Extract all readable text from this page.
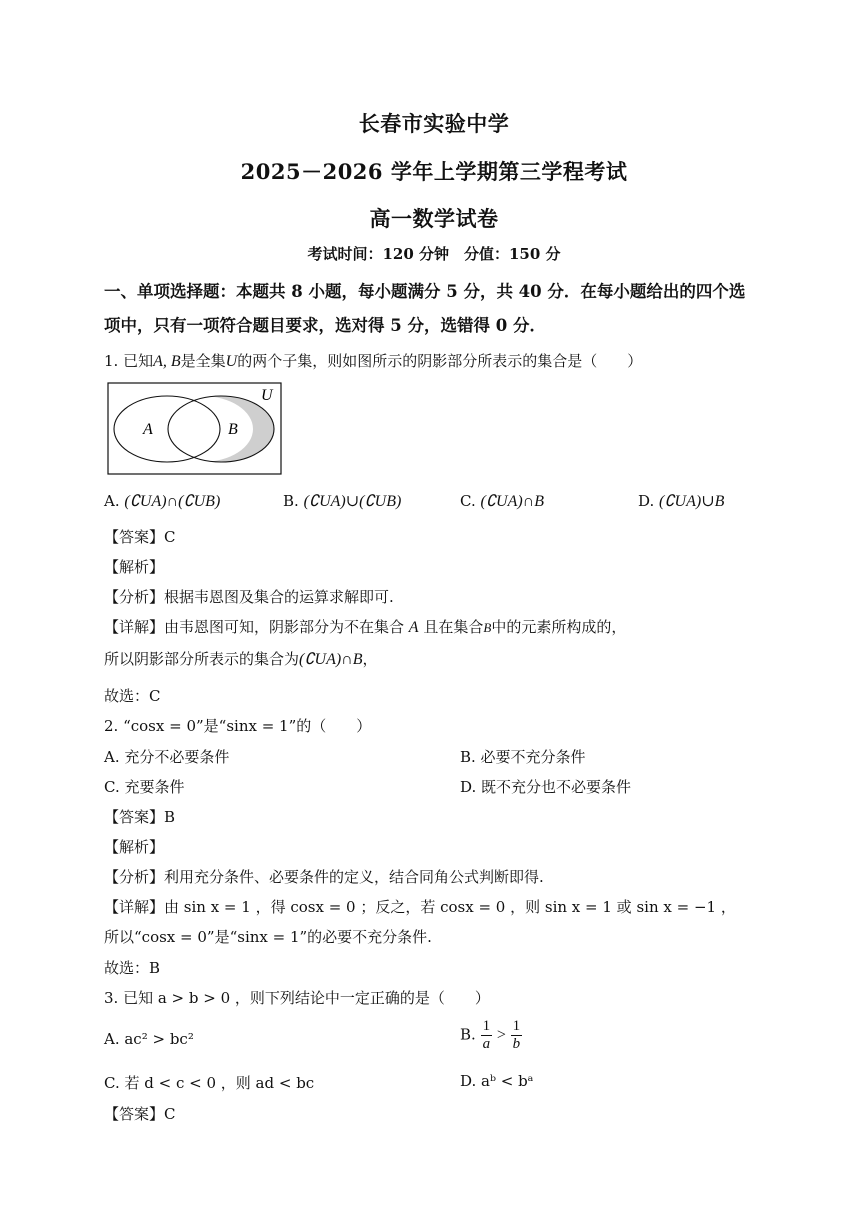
长春市实验中学
2025－2026 学年上学期第三学程考试
高一数学试卷
考试时间：120 分钟　分值：150 分
一、单项选择题：本题共 8 小题，每小题满分 5 分，共 40 分．在每小题给出的四个选
项中，只有一项符合题目要求，选对得 5 分，选错得 0 分．
1. 已知A, B是全集U的两个子集，则如图所示的阴影部分所表示的集合是（　　）
A	B
U
A. (∁UA)∩(∁UB)	B. (∁UA)∪(∁UB)	C. (∁UA)∩B	D. (∁UA)∪B
【答案】C
【解析】
【分析】根据韦恩图及集合的运算求解即可.
【详解】由韦恩图可知，阴影部分为不在集合 A 且在集合B中的元素所构成的，
所以阴影部分所表示的集合为(∁UA)∩B，
故选：C
2. “cosx = 0”是“sinx = 1”的（　　）
A. 充分不必要条件	B. 必要不充分条件
C. 充要条件	D. 既不充分也不必要条件
【答案】B
【解析】
【分析】利用充分条件、必要条件的定义，结合同角公式判断即得.
【详解】由 sin x = 1 ，得 cosx = 0 ；反之，若 cosx = 0 ，则 sin x = 1 或 sin x = −1 ，
所以“cosx = 0”是“sinx = 1”的必要不充分条件.
故选：B
3. 已知 a > b > 0 ，则下列结论中一定正确的是（　　）
A. ac² > bc²	B. $\frac{1}{a} > \frac{1}{b}$
C. 若 d < c < 0 ，则 ad < bc	D. aᵇ < bᵃ
【答案】C
